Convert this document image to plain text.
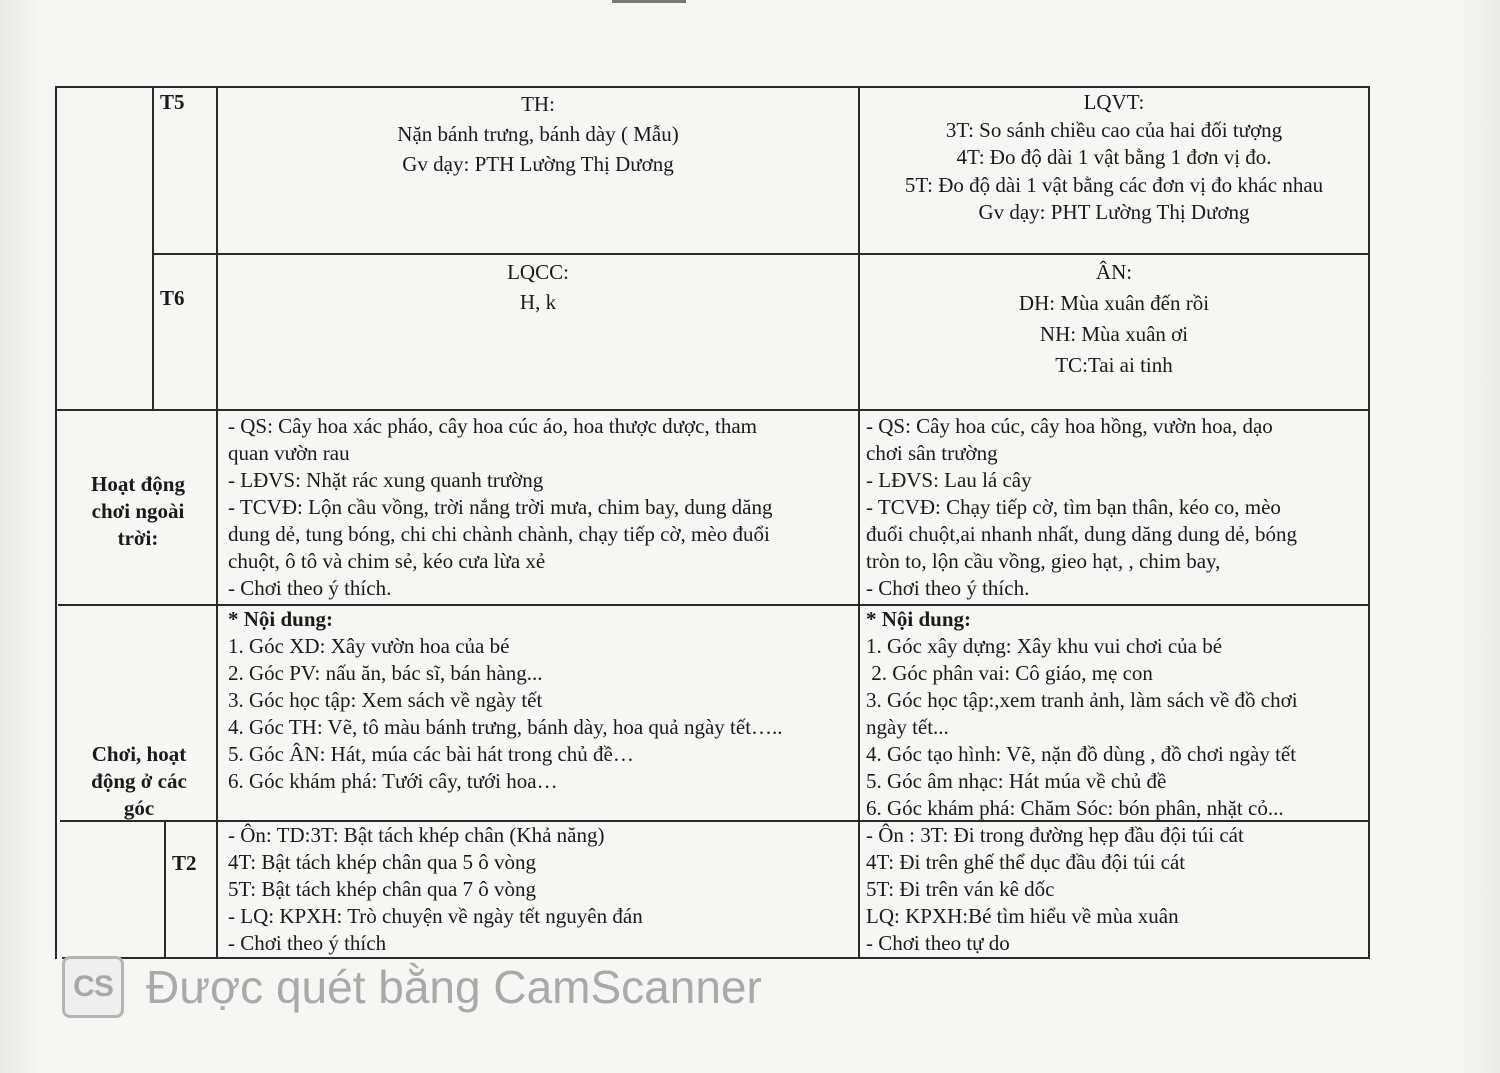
T5	TH:
Nặn bánh trưng, bánh dày ( Mẫu)
Gv dạy: PTH Lường Thị Dương
LQVT:
3T: So sánh chiều cao của hai đối tượng
4T: Đo độ dài 1 vật bằng 1 đơn vị đo.
5T: Đo độ dài 1 vật bằng các đơn vị đo khác nhau
Gv dạy: PHT Lường Thị Dương
T6
LQCC:
H, k
ÂN:
DH: Mùa xuân đến rồi
NH: Mùa xuân ơi
TC:Tai ai tinh
Hoạt động
chơi ngoài
trời:
- QS: Cây hoa xác pháo, cây hoa cúc áo, hoa thược dược, tham
quan vườn rau
- LĐVS: Nhặt rác xung quanh trường
- TCVĐ: Lộn cầu vồng, trời nắng trời mưa, chim bay, dung dăng
dung dẻ, tung bóng, chi chi chành chành, chạy tiếp cờ, mèo đuổi
chuột, ô tô và chim sẻ, kéo cưa lừa xẻ
- Chơi theo ý thích.
- QS: Cây hoa cúc, cây hoa hồng, vườn hoa, dạo
chơi sân trường
- LĐVS: Lau lá cây
- TCVĐ: Chạy tiếp cờ, tìm bạn thân, kéo co, mèo
đuổi chuột,ai nhanh nhất, dung dăng dung dẻ, bóng
tròn to, lộn cầu vồng, gieo hạt, , chim bay,
- Chơi theo ý thích.
Chơi, hoạt
động ở các
góc
* Nội dung:
1. Góc XD: Xây vườn hoa của bé
2. Góc PV: nấu ăn, bác sĩ, bán hàng...
3. Góc học tập: Xem sách về ngày tết
4. Góc TH: Vẽ, tô màu bánh trưng, bánh dày, hoa quả ngày tết…..
5. Góc ÂN: Hát, múa các bài hát trong chủ đề…
6. Góc khám phá: Tưới cây, tưới hoa…
* Nội dung:
1. Góc xây dựng: Xây khu vui chơi của bé
2. Góc phân vai: Cô giáo, mẹ con
3. Góc học tập:,xem tranh ảnh, làm sách về đồ chơi
ngày tết...
4. Góc tạo hình: Vẽ, nặn đồ dùng , đồ chơi ngày tết
5. Góc âm nhạc: Hát múa về chủ đề
6. Góc khám phá: Chăm Sóc: bón phân, nhặt cỏ...
T2
- Ôn: TD:3T: Bật tách khép chân (Khả năng)
4T: Bật tách khép chân qua 5 ô vòng
5T: Bật tách khép chân qua 7 ô vòng
- LQ: KPXH: Trò chuyện về ngày tết nguyên đán
- Chơi theo ý thích
- Ôn : 3T: Đi trong đường hẹp đầu đội túi cát
4T: Đi trên ghế thể dục đầu đội túi cát
5T: Đi trên ván kê dốc
LQ: KPXH:Bé tìm hiểu về mùa xuân
- Chơi theo tự do
CS Được quét bằng CamScanner
